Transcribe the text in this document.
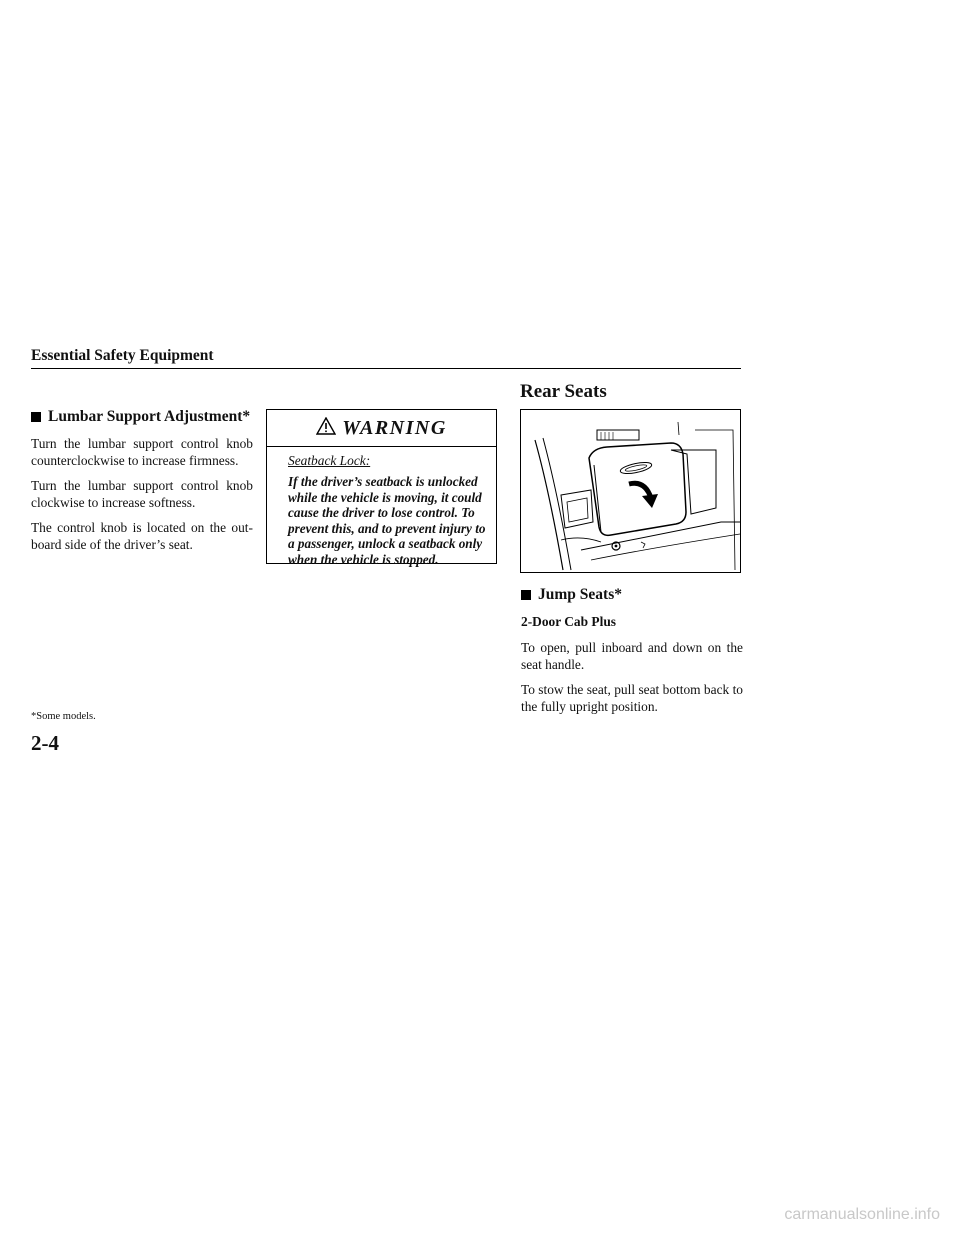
Essential Safety Equipment
Lumbar Support Adjustment*

Turn the lumbar support control knob counterclockwise to increase firmness.

Turn the lumbar support control knob clockwise to increase softness.

The control knob is located on the out-board side of the driver’s seat.

WARNING
Seatback Lock:
If the driver’s seatback is unlocked while the vehicle is moving, it could cause the driver to lose control. To prevent this, and to prevent injury to a passenger, unlock a seatback only when the vehicle is stopped.
Rear Seats
Jump Seats*

2-Door Cab Plus

To open, pull inboard and down on the seat handle.

To stow the seat, pull seat bottom back to the fully upright position.

*Some models.
2-4
carmanualsonline.info
